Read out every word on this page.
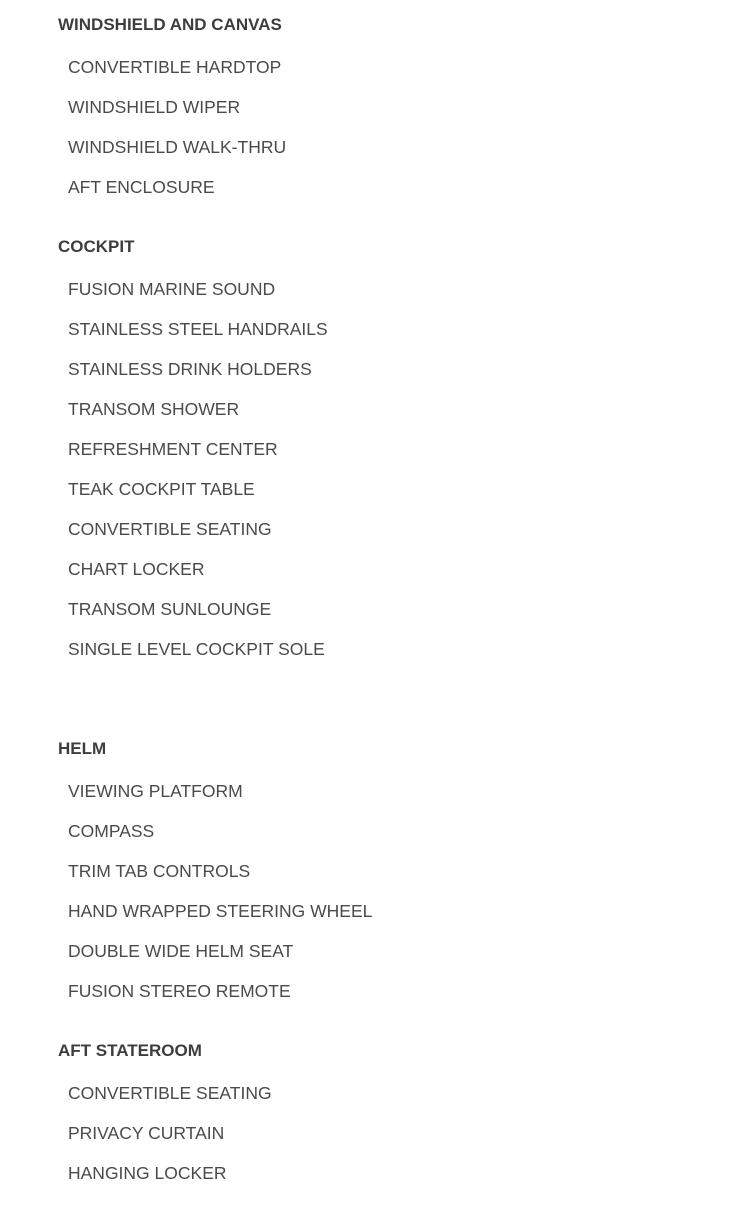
WINDSHIELD AND CANVAS
CONVERTIBLE HARDTOP
WINDSHIELD WIPER
WINDSHIELD WALK-THRU
AFT ENCLOSURE
COCKPIT
FUSION MARINE SOUND
STAINLESS STEEL HANDRAILS
STAINLESS DRINK HOLDERS
TRANSOM SHOWER
REFRESHMENT CENTER
TEAK COCKPIT TABLE
CONVERTIBLE SEATING
CHART LOCKER
TRANSOM SUNLOUNGE
SINGLE LEVEL COCKPIT SOLE
HELM
VIEWING PLATFORM
COMPASS
TRIM TAB CONTROLS
HAND WRAPPED STEERING WHEEL
DOUBLE WIDE HELM SEAT
FUSION STEREO REMOTE
AFT STATEROOM
CONVERTIBLE SEATING
PRIVACY CURTAIN
HANGING LOCKER
